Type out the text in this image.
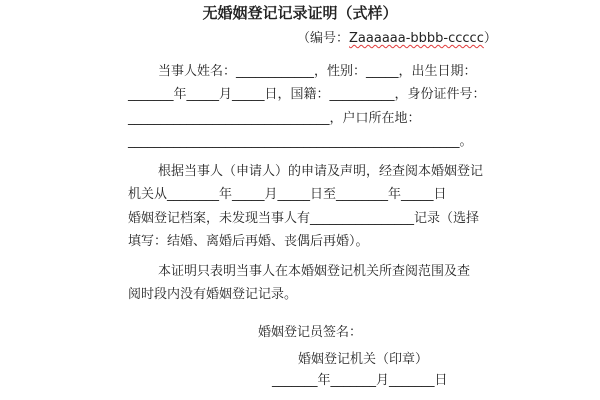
无婚姻登记记录证明（式样）
（编号：Zaaaaaa-bbbb-ccccc）
当事人姓名：____________，性别：_____，出生日期：
_______年_____月_____日，国籍：__________，身份证件号：
_______________________________，户口所在地：
___________________________________________________。
根据当事人（申请人）的申请及声明，经查阅本婚姻登记
机关从________年_____月_____日至________年_____日
婚姻登记档案，未发现当事人有________________记录（选择
填写：结婚、离婚后再婚、丧偶后再婚）。
本证明只表明当事人在本婚姻登记机关所查阅范围及查
阅时段内没有婚姻登记记录。
婚姻登记员签名：
婚姻登记机关（印章）
_______年_______月_______日
